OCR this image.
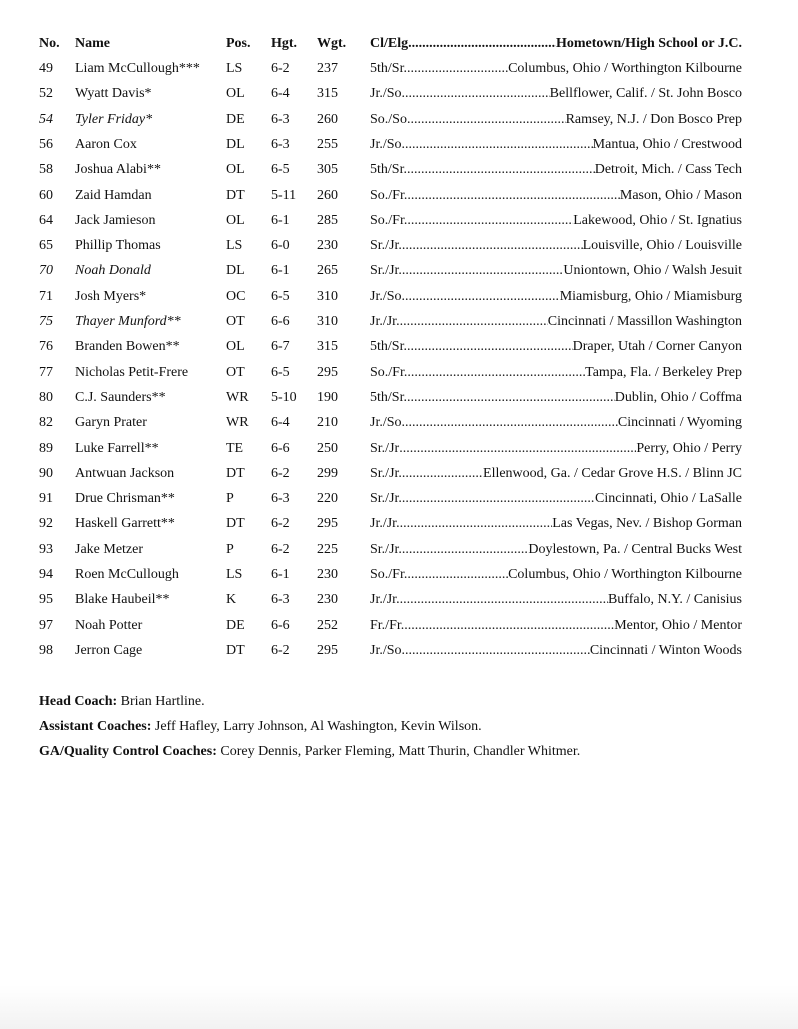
No. Name	Pos. Hgt. Wgt. Cl/Elg .....	Hometown/High School or J.C.
49 Liam McCullough*** LS 6-2 237 5th/Sr. .....	Columbus, Ohio / Worthington Kilbourne
52 Wyatt Davis*	OL 6-4 315 Jr./So. .....	Bellflower, Calif. / St. John Bosco
54 Tyler Friday*	DE 6-3 260 So./So. .....	Ramsey, N.J. / Don Bosco Prep
56 Aaron Cox	DL 6-3 255 Jr./So. .....	Mantua, Ohio / Crestwood
58 Joshua Alabi**	OL 6-5 305 5th/Sr. .....	Detroit, Mich. / Cass Tech
60 Zaid Hamdan	DT 5-11 260 So./Fr. .....	Mason, Ohio / Mason
64 Jack Jamieson	OL 6-1 285 So./Fr. .....	Lakewood, Ohio / St. Ignatius
65 Phillip Thomas	LS 6-0 230 Sr./Jr. .....	Louisville, Ohio / Louisville
70 Noah Donald	DL 6-1 265 Sr./Jr. .....	Uniontown, Ohio / Walsh Jesuit
71 Josh Myers*	OC 6-5 310 Jr./So. .....	Miamisburg, Ohio / Miamisburg
75 Thayer Munford**	OT 6-6 310 Jr./Jr. .....	Cincinnati / Massillon Washington
76 Branden Bowen**	OL 6-7 315 5th/Sr. .....	Draper, Utah / Corner Canyon
77 Nicholas Petit-Frere	OT 6-5 295 So./Fr. .....	Tampa, Fla. / Berkeley Prep
80 C.J. Saunders**	WR 5-10 190 5th/Sr. .....	Dublin, Ohio / Coffma
82 Garyn Prater	WR 6-4 210 Jr./So. .....	Cincinnati / Wyoming
89 Luke Farrell**	TE 6-6 250 Sr./Jr .....	Perry, Ohio / Perry
90 Antwuan Jackson	DT 6-2 299 Sr./Jr. .....	Ellenwood, Ga. / Cedar Grove H.S. / Blinn JC
91 Drue Chrisman**	P	6-3 220 Sr./Jr. .....	Cincinnati, Ohio / LaSalle
92 Haskell Garrett**	DT 6-2 295 Jr./Jr. .....	Las Vegas, Nev. / Bishop Gorman
93 Jake Metzer	P	6-2 225 Sr./Jr. .....	Doylestown, Pa. / Central Bucks West
94 Roen McCullough	LS 6-1 230 So./Fr. .....	Columbus, Ohio / Worthington Kilbourne
95 Blake Haubeil**	K 6-3 230 Jr./Jr. .....	Buffalo, N.Y. / Canisius
97 Noah Potter	DE 6-6 252 Fr./Fr. .....	Mentor, Ohio / Mentor
98 Jerron Cage	DT 6-2 295 Jr./So. .....	Cincinnati / Winton Woods
Head Coach: Brian Hartline.
Assistant Coaches: Jeff Hafley, Larry Johnson, Al Washington, Kevin Wilson.
GA/Quality Control Coaches: Corey Dennis, Parker Fleming, Matt Thurin, Chandler Whitmer.
